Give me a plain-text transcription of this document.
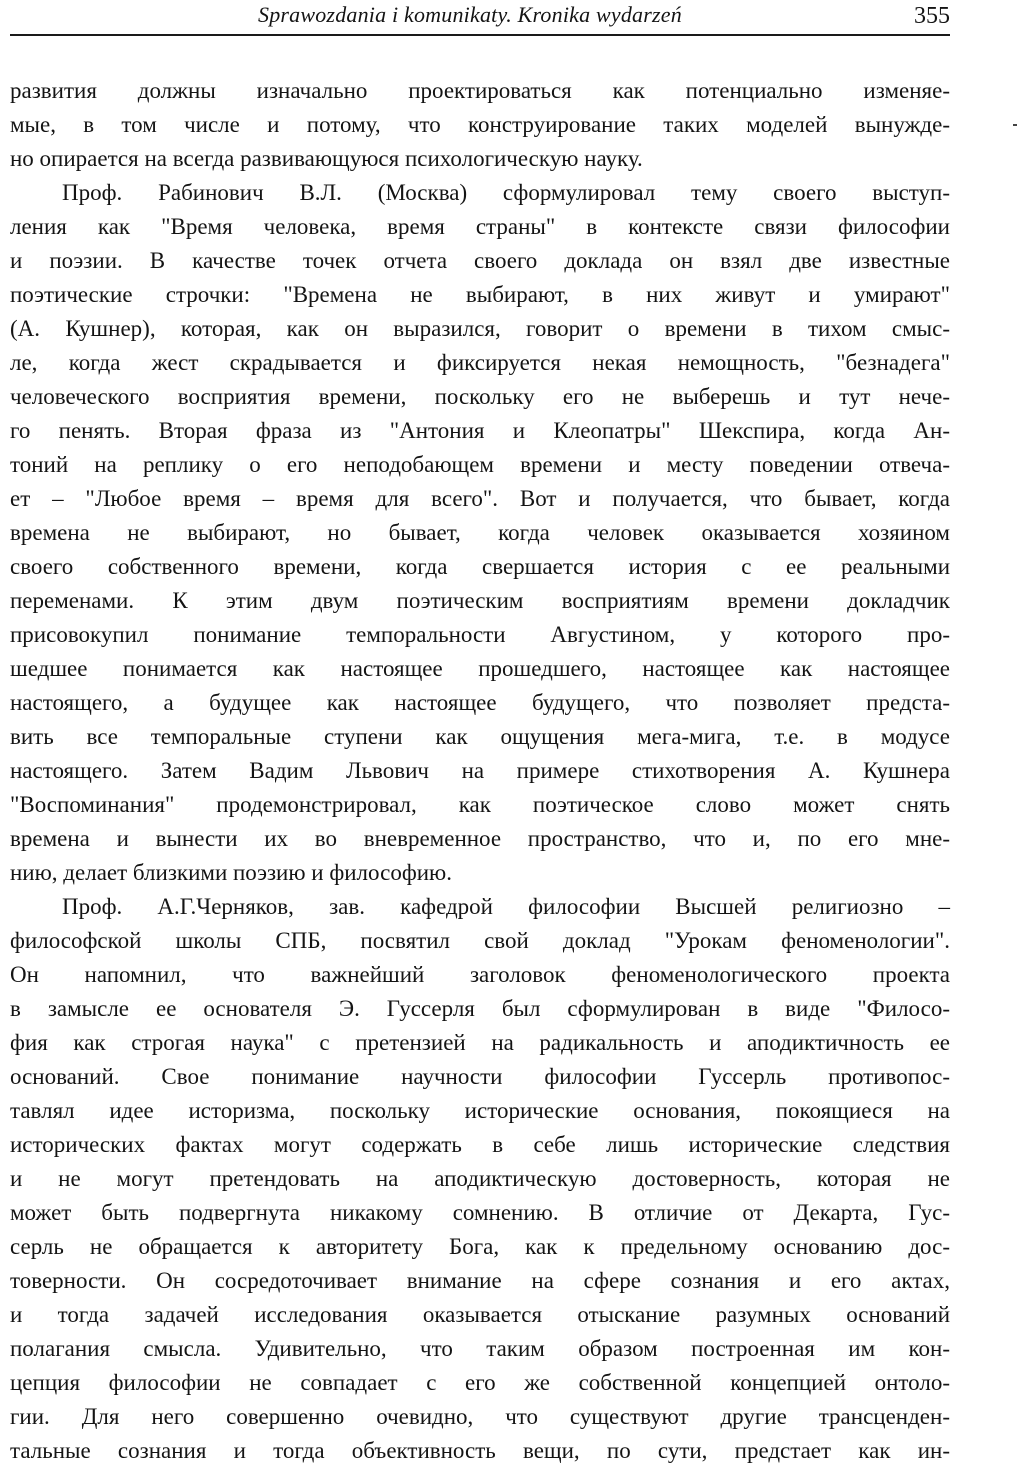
Sprawozdania i komunikaty. Kronika wydarzeń	355
развития должны изначально проектироваться как потенциально изменяе-
мые, в том числе и потому, что конструирование таких моделей вынужде-
но опирается на всегда развивающуюся психологическую науку.
Проф. Рабинович В.Л. (Москва) сформулировал тему своего выступ-
ления как "Время человека, время страны" в контексте связи философии
и поэзии. В качестве точек отчета своего доклада он взял две известные
поэтические строчки: "Времена не выбирают, в них живут и умирают"
(А. Кушнер), которая, как он выразился, говорит о времени в тихом смыс-
ле, когда жест скрадывается и фиксируется некая немощность, "безнадега"
человеческого восприятия времени, поскольку его не выберешь и тут нече-
го пенять. Вторая фраза из "Антония и Клеопатры" Шекспира, когда Ан-
тоний на реплику о его неподобающем времени и месту поведении отвеча-
ет – "Любое время – время для всего". Вот и получается, что бывает, когда
времена не выбирают, но бывает, когда человек оказывается хозяином
своего собственного времени, когда свершается история с ее реальными
переменами. К этим двум поэтическим восприятиям времени докладчик
присовокупил понимание темпоральности Августином, у которого про-
шедшее понимается как настоящее прошедшего, настоящее как настоящее
настоящего, а будущее как настоящее будущего, что позволяет предста-
вить все темпоральные ступени как ощущения мега-мига, т.е. в модусе
настоящего. Затем Вадим Львович на примере стихотворения А. Кушнера
"Воспоминания" продемонстрировал, как поэтическое слово может снять
времена и вынести их во вневременное пространство, что и, по его мне-
нию, делает близкими поэзию и философию.
Проф. А.Г.Черняков, зав. кафедрой философии Высшей религиозно –
философской школы СПБ, посвятил свой доклад "Урокам феноменологии".
Он напомнил, что важнейший заголовок феноменологического проекта
в замысле ее основателя Э. Гуссерля был сформулирован в виде "Филосо-
фия как строгая наука" с претензией на радикальность и аподиктичность ее
оснований. Свое понимание научности философии Гуссерль противопос-
тавлял идее историзма, поскольку исторические основания, покоящиеся на
исторических фактах могут содержать в себе лишь исторические следствия
и не могут претендовать на аподиктическую достоверность, которая не
может быть подвергнута никакому сомнению. В отличие от Декарта, Гус-
серль не обращается к авторитету Бога, как к предельному основанию дос-
товерности. Он сосредоточивает внимание на сфере сознания и его актах,
и тогда задачей исследования оказывается отыскание разумных оснований
полагания смысла. Удивительно, что таким образом построенная им кон-
цепция философии не совпадает с его же собственной концепцией онтоло-
гии. Для него совершенно очевидно, что существуют другие трансценден-
тальные сознания и тогда объективность вещи, по сути, предстает как ин-
